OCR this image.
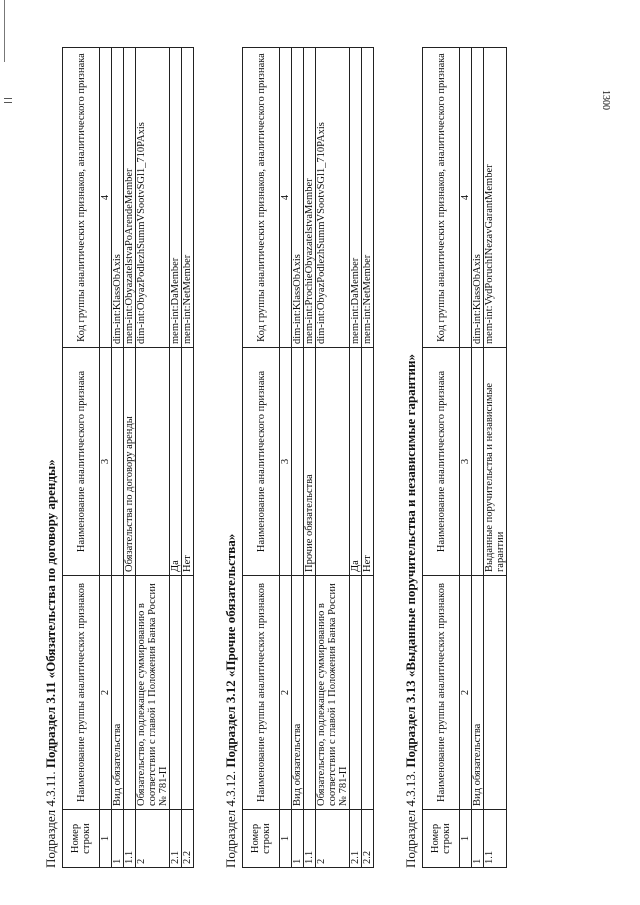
1300
Подраздел 4.3.11. Подраздел 3.11 «Обязательства по договору аренды»
Номер строки	Наименование группы аналитических признаков	Наименование аналитического признака	Код группы аналитических признаков, аналитического признака
1	2	3	4
1	Вид обязательства		dim-int:KlassObAxis
1.1		Обязательства по договору аренды	mem-int:ObyazatelstvaPoArendeMember
2	Обязательство, подлежащее суммированию в соответствии с главой 1 Положения Банка России № 781-П		dim-int:ObyazPodlezhSummVSootvSGl1_710PAxis
2.1		Да	mem-int:DaMember
2.2		Нет	mem-int:NetMember
Подраздел 4.3.12. Подраздел 3.12 «Прочие обязательства»
Номер строки	Наименование группы аналитических признаков	Наименование аналитического признака	Код группы аналитических признаков, аналитического признака
1	2	3	4
1	Вид обязательства		dim-int:KlassObAxis
1.1		Прочие обязательства	mem-int:ProchieObyazatelstvaMember
2	Обязательство, подлежащее суммированию в соответствии с главой 1 Положения Банка России № 781-П		dim-int:ObyazPodlezhSummVSootvSGl1_710PAxis
2.1		Да	mem-int:DaMember
2.2		Нет	mem-int:NetMember
Подраздел 4.3.13. Подраздел 3.13 «Выданные поручительства и независимые гарантии»
Номер строки	Наименование группы аналитических признаков	Наименование аналитического признака	Код группы аналитических признаков, аналитического признака
1	2	3	4
1	Вид обязательства		dim-int:KlassObAxis
1.1		Выданные поручительства и независимые гарантии	mem-int:VydPoruchINezavGarantMember
